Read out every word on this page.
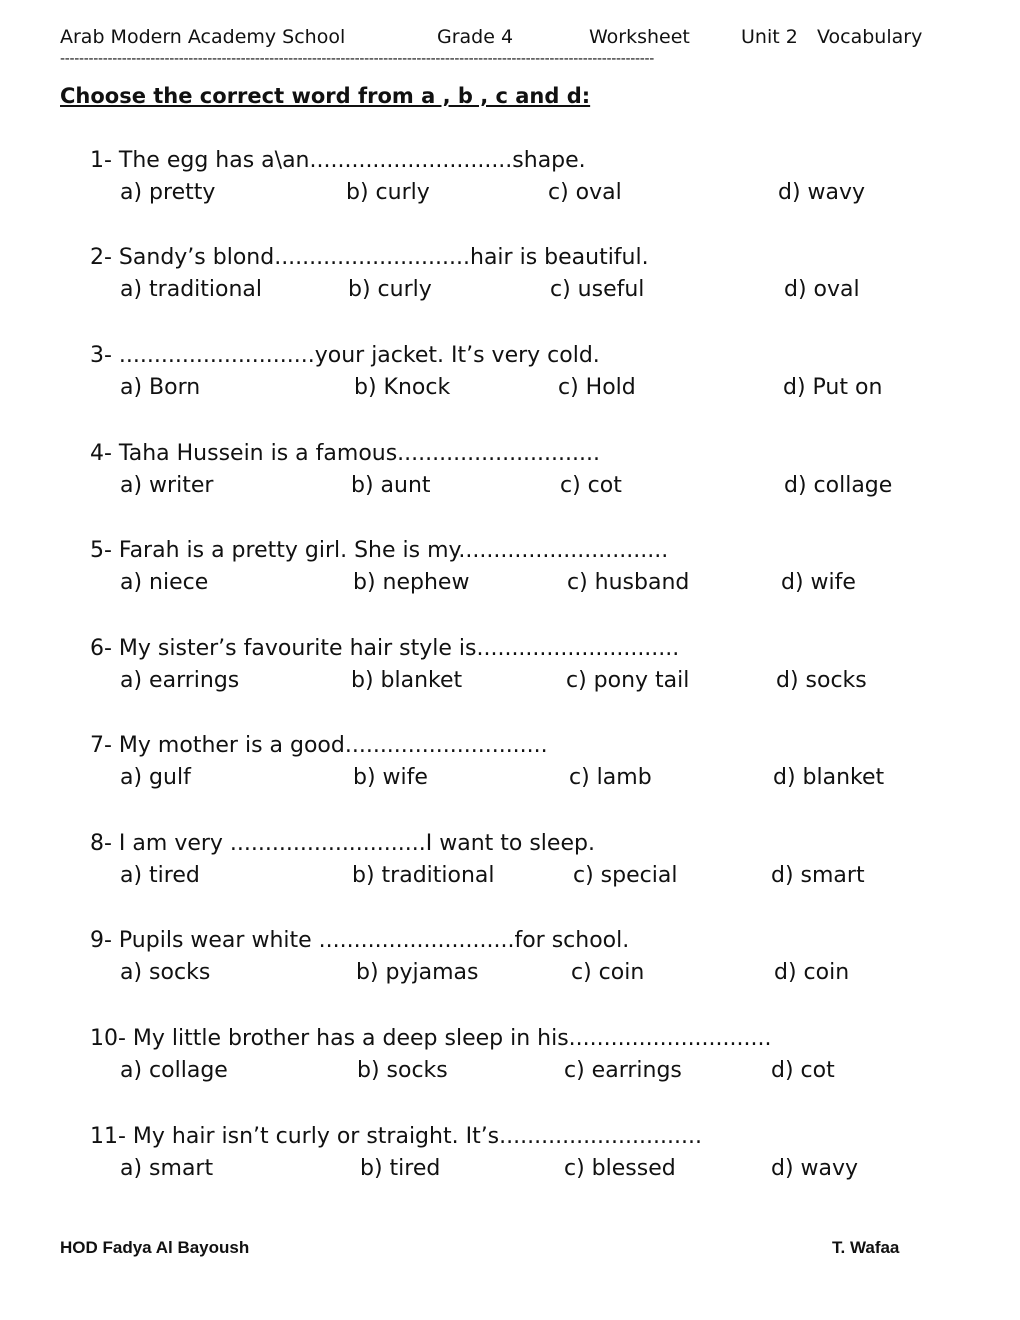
Arab Modern Academy School	Grade 4	Worksheet	Unit 2 Vocabulary
-----------------------------------------------------------------------------------------------------------------------------
Choose the correct word from a , b , c and d:
1- The egg has a\an.............................shape.
a) pretty	b) curly	c) oval	d) wavy
2- Sandy’s blond............................hair is beautiful.
a) traditional	b) curly	c) useful	d) oval
3- ............................your jacket. It’s very cold.
a) Born	b) Knock	c) Hold	d) Put on
4- Taha Hussein is a famous.............................
a) writer	b) aunt	c) cot	d) collage
5- Farah is a pretty girl. She is my..............................
a) niece	b) nephew	c) husband	d) wife
6- My sister’s favourite hair style is.............................
a) earrings	b) blanket	c) pony tail	d) socks
7- My mother is a good.............................
a) gulf	b) wife	c) lamb	d) blanket
8- I am very ............................I want to sleep.
a) tired	b) traditional	c) special	d) smart
9- Pupils wear white ............................for school.
a) socks	b) pyjamas	c) coin	d) coin
10- My little brother has a deep sleep in his.............................
a) collage	b) socks	c) earrings	d) cot
11- My hair isn’t curly or straight. It’s.............................
a) smart	b) tired	c) blessed	d) wavy
HOD Fadya Al Bayoush	T. Wafaa
